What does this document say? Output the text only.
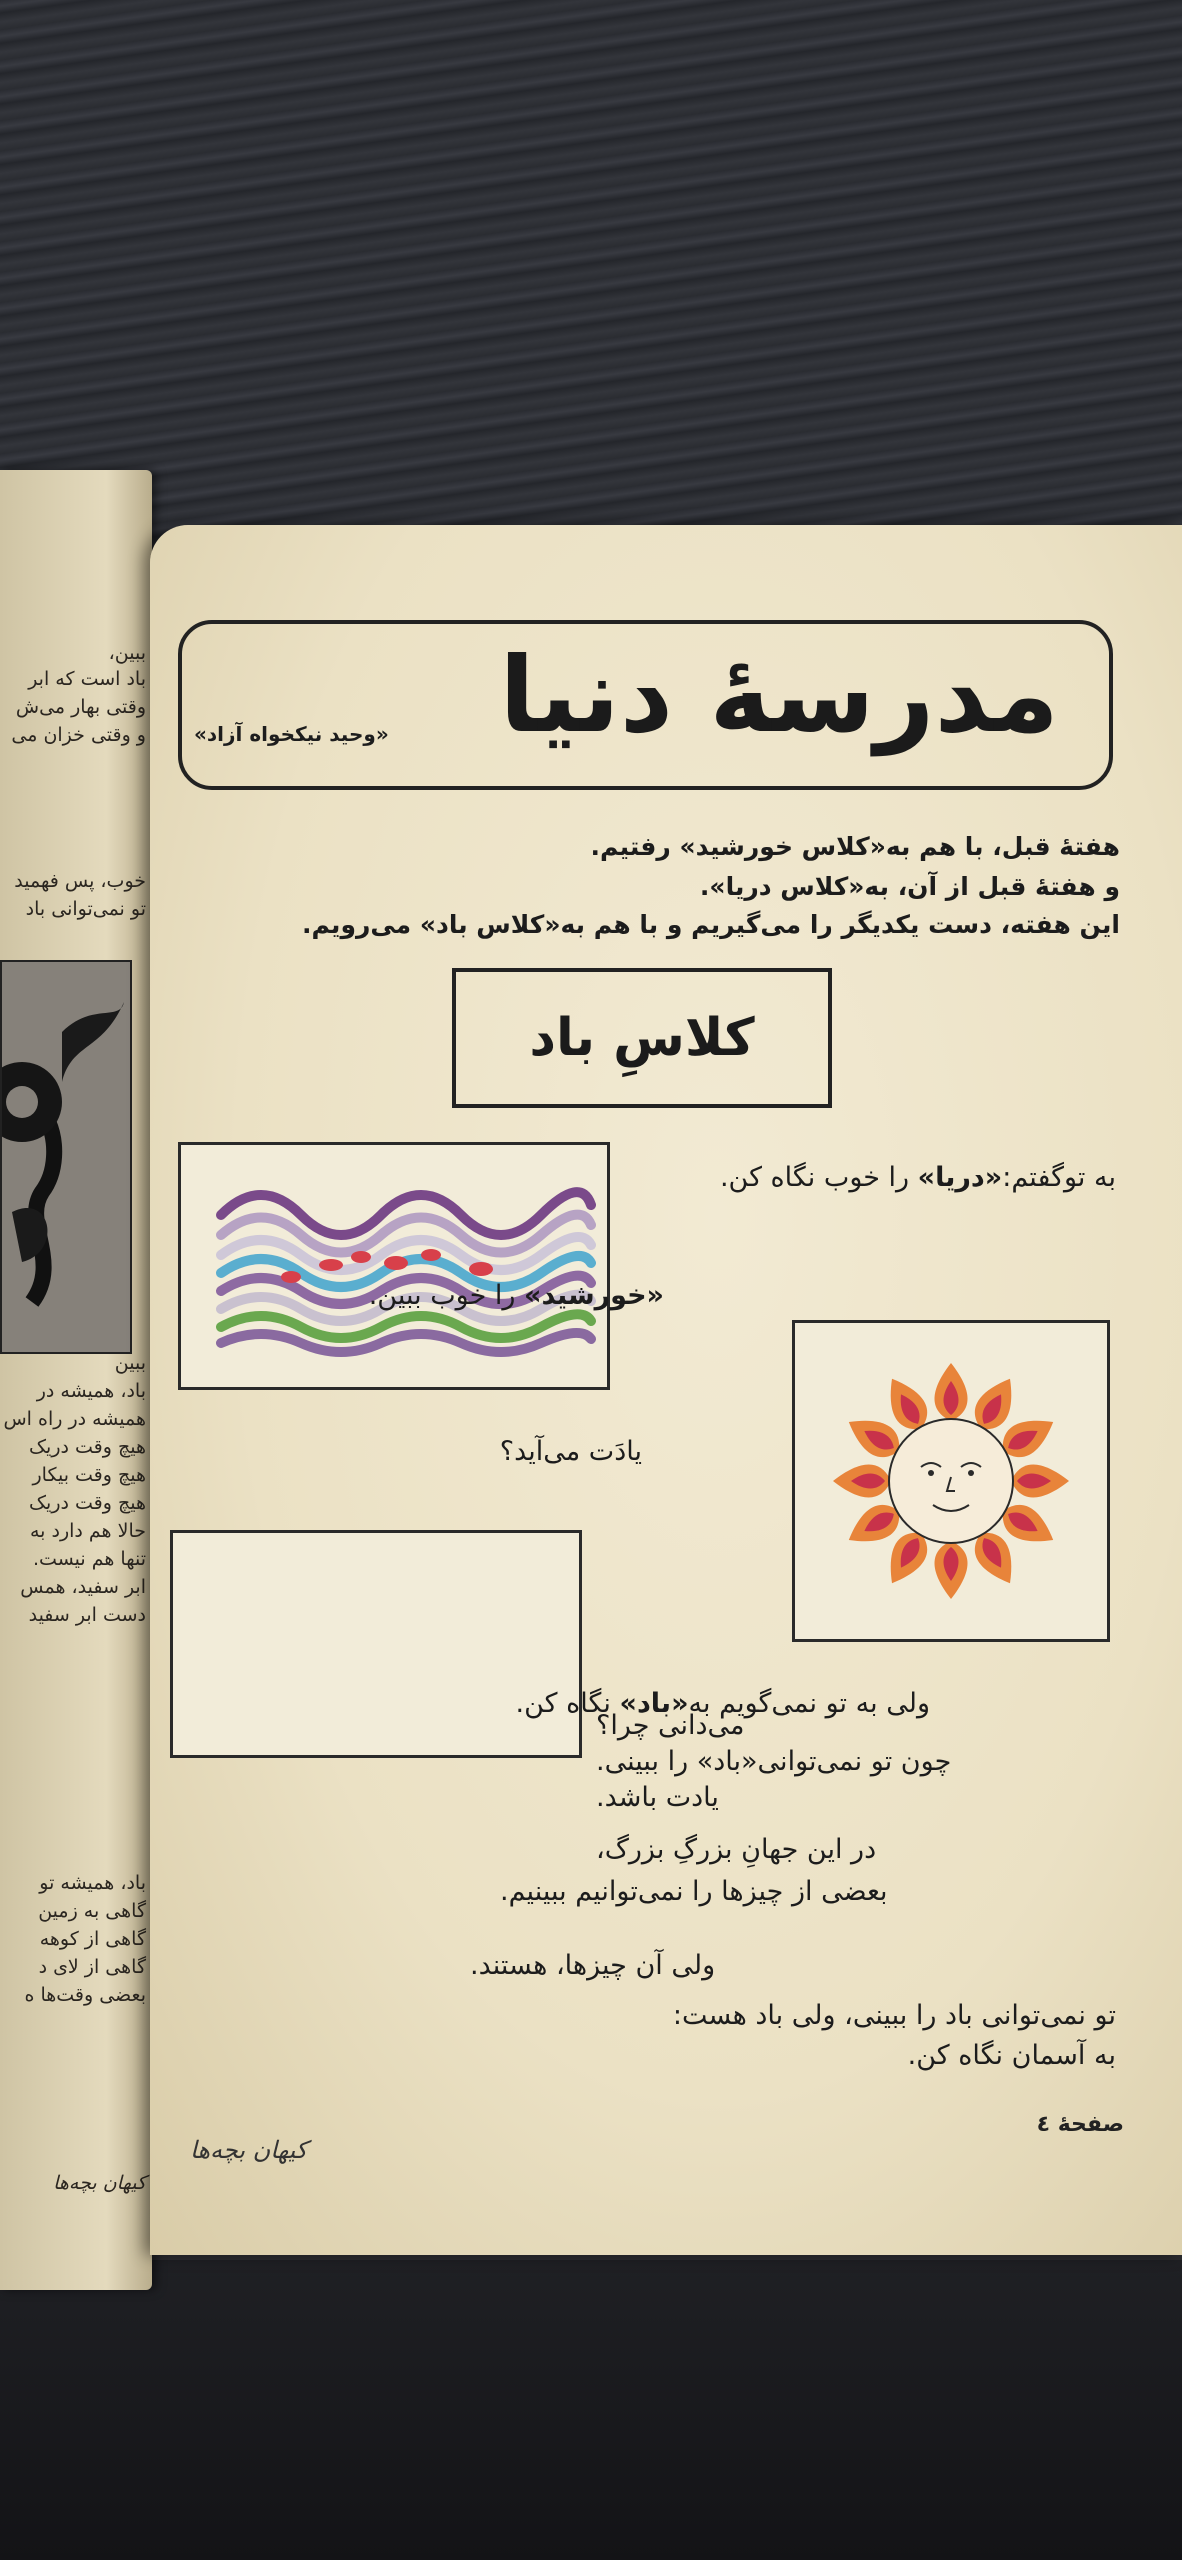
ببین،
باد است که ابر
وقتی بهار می‌ش
و وقتی خزان می‌
خوب، پس فهمید
تو نمی‌توانی باد
ببین
باد، همیشه در
همیشه در راه اس
هیچ وقت دریک
هیچ وقت بیکار
هیچ وقت دریک
حالا هم دارد به
تنها هم نیست.
ابر سفید، همس
دست ابر سفید
باد، همیشه تو
گاهی به زمین
گاهی از کوهه
گاهی از لای د
بعضی وقت‌ها ه
کیهان بچه‌ها
مدرسهٔ دنیا
«وحید نیکخواه آزاد»
هفتهٔ قبل، با هم به«کلاس خورشید» رفتیم.
و هفتهٔ قبل از آن، به«کلاس دریا».
این هفته، دست یکدیگر را می‌گیریم و با هم به«کلاس باد» می‌رویم.
کلاسِ باد
به توگفتم:«دریا» را خوب نگاه کن.
«خورشید» را خوب ببین.
یادَت می‌آید؟
ولی به تو نمی‌گویم به«باد» نگاه کن.
می‌دانی چرا؟
چون تو نمی‌توانی«باد» را ببینی.
یادت باشد.
در این جهانِ بزرگِ بزرگ،
بعضی از چیزها را نمی‌توانیم ببینیم.
ولی آن چیزها، هستند.
تو نمی‌توانی باد را ببینی، ولی باد هست:
به آسمان نگاه کن.
صفحهٔ ٤
کیهان بچه‌ها
